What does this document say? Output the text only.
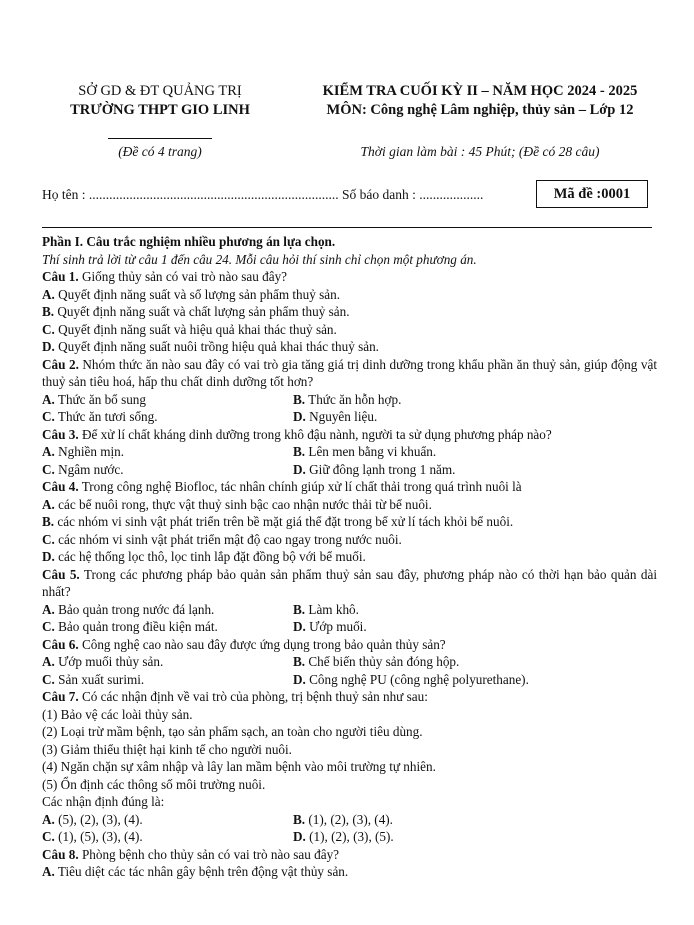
SỞ GD & ĐT QUẢNG TRỊ
TRƯỜNG THPT GIO LINH
KIỂM TRA CUỐI KỲ II – NĂM HỌC 2024 - 2025
MÔN: Công nghệ Lâm nghiệp, thủy sản – Lớp 12
(Đề có 4 trang)	Thời gian làm bài : 45 Phút; (Đề có 28 câu)
Họ tên : .......................................................................... Số báo danh : ...................	Mã đề :0001
Phần I. Câu trắc nghiệm nhiều phương án lựa chọn.
Thí sinh trả lời từ câu 1 đến câu 24. Mỗi câu hỏi thí sinh chỉ chọn một phương án.
Câu 1. Giống thủy sản có vai trò nào sau đây?
A. Quyết định năng suất và số lượng sản phẩm thuỷ sản.
B. Quyết định năng suất và chất lượng sản phẩm thuỷ sản.
C. Quyết định năng suất và hiệu quả khai thác thuỷ sản.
D. Quyết định năng suất nuôi trồng hiệu quả khai thác thuỷ sản.
Câu 2. Nhóm thức ăn nào sau đây có vai trò gia tăng giá trị dinh dưỡng trong khẩu phần ăn thuỷ sản, giúp động vật thuỷ sản tiêu hoá, hấp thu chất dinh dưỡng tốt hơn?
A. Thức ăn bổ sung	B. Thức ăn hỗn hợp.
C. Thức ăn tươi sống.	D. Nguyên liệu.
Câu 3. Để xử lí chất kháng dinh dưỡng trong khô đậu nành, người ta sử dụng phương pháp nào?
A. Nghiền mịn.	B. Lên men bằng vi khuẩn.
C. Ngâm nước.	D. Giữ đông lạnh trong 1 năm.
Câu 4. Trong công nghệ Biofloc, tác nhân chính giúp xử lí chất thải trong quá trình nuôi là
A. các bể nuôi rong, thực vật thuỷ sinh bậc cao nhận nước thải từ bể nuôi.
B. các nhóm vi sinh vật phát triển trên bề mặt giá thể đặt trong bể xử lí tách khỏi bể nuôi.
C. các nhóm vi sinh vật phát triển mật độ cao ngay trong nước nuôi.
D. các hệ thống lọc thô, lọc tinh lắp đặt đồng bộ với bể muối.
Câu 5. Trong các phương pháp bảo quản sản phẩm thuỷ sản sau đây, phương pháp nào có thời hạn bảo quản dài nhất?
A. Bảo quản trong nước đá lạnh.	B. Làm khô.
C. Bảo quản trong điều kiện mát.	D. Ướp muối.
Câu 6. Công nghệ cao nào sau đây được ứng dụng trong bảo quản thủy sản?
A. Ướp muối thủy sản.	B. Chế biến thủy sản đóng hộp.
C. Sản xuất surimi.	D. Công nghệ PU (công nghệ polyurethane).
Câu 7. Có các nhận định về vai trò của phòng, trị bệnh thuỷ sản như sau:
(1) Bảo vệ các loài thủy sản.
(2) Loại trừ mầm bệnh, tạo sản phẩm sạch, an toàn cho người tiêu dùng.
(3) Giảm thiểu thiệt hại kinh tế cho người nuôi.
(4) Ngăn chặn sự xâm nhập và lây lan mầm bệnh vào môi trường tự nhiên.
(5) Ổn định các thông số môi trường nuôi.
Các nhận định đúng là:
A. (5), (2), (3), (4).	B. (1), (2), (3), (4).
C. (1), (5), (3), (4).	D. (1), (2), (3), (5).
Câu 8. Phòng bệnh cho thủy sản có vai trò nào sau đây?
A. Tiêu diệt các tác nhân gây bệnh trên động vật thủy sản.
